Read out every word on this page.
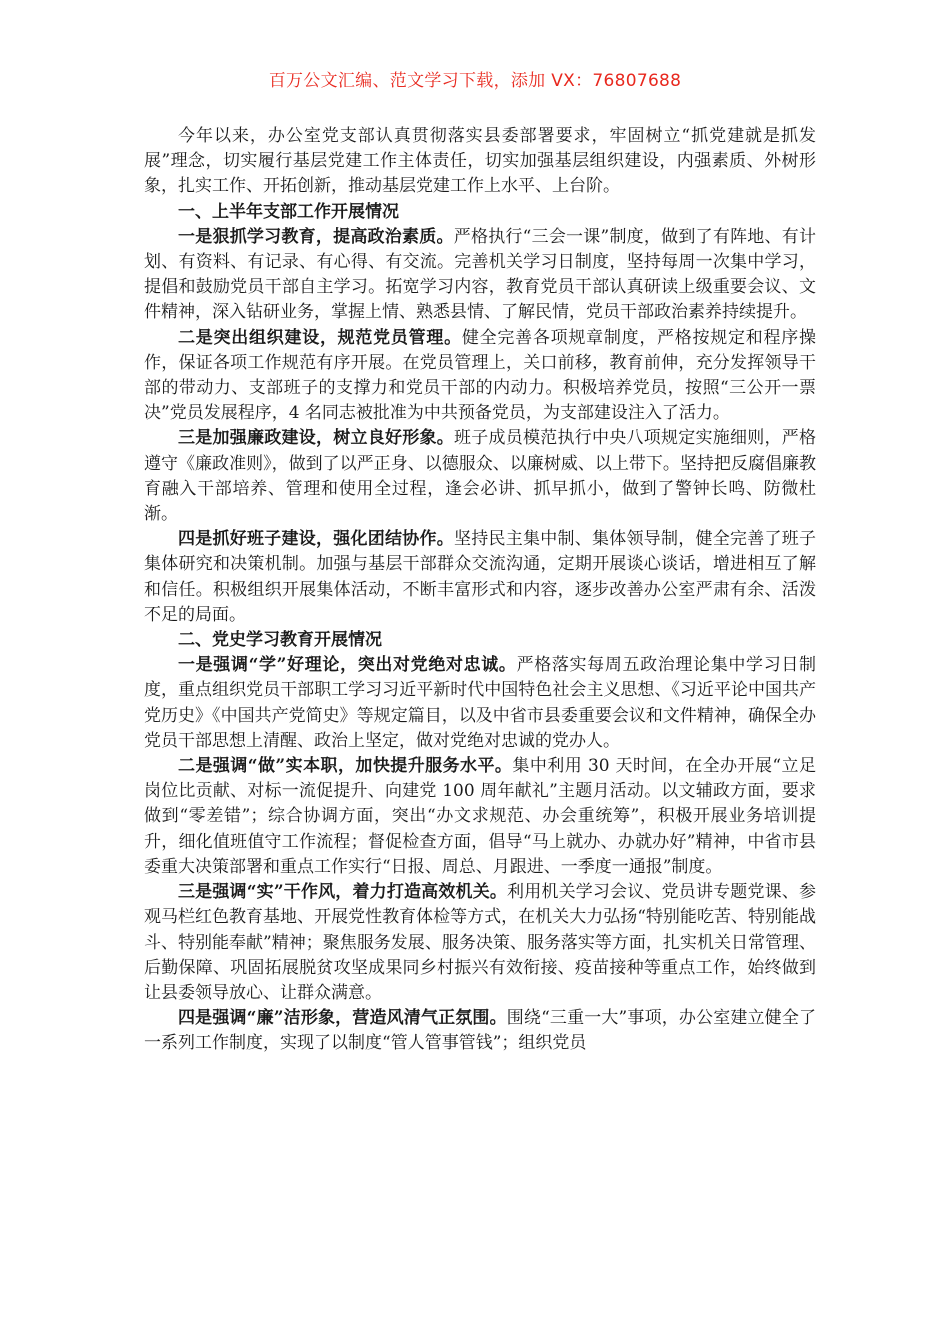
百万公文汇编、范文学习下载，添加 VX：76807688

今年以来，办公室党支部认真贯彻落实县委部署要求，牢固树立“抓党建就是抓发展”理念，切实履行基层党建工作主体责任，切实加强基层组织建设，内强素质、外树形象，扎实工作、开拓创新，推动基层党建工作上水平、上台阶。

一、上半年支部工作开展情况

一是狠抓学习教育，提高政治素质。严格执行“三会一课”制度，做到了有阵地、有计划、有资料、有记录、有心得、有交流。完善机关学习日制度，坚持每周一次集中学习，提倡和鼓励党员干部自主学习。拓宽学习内容，教育党员干部认真研读上级重要会议、文件精神，深入钻研业务，掌握上情、熟悉县情、了解民情，党员干部政治素养持续提升。

二是突出组织建设，规范党员管理。健全完善各项规章制度，严格按规定和程序操作，保证各项工作规范有序开展。在党员管理上，关口前移，教育前伸，充分发挥领导干部的带动力、支部班子的支撑力和党员干部的内动力。积极培养党员，按照“三公开一票决”党员发展程序，4 名同志被批准为中共预备党员，为支部建设注入了活力。

三是加强廉政建设，树立良好形象。班子成员模范执行中央八项规定实施细则，严格遵守《廉政准则》，做到了以严正身、以德服众、以廉树威、以上带下。坚持把反腐倡廉教育融入干部培养、管理和使用全过程，逢会必讲、抓早抓小，做到了警钟长鸣、防微杜渐。

四是抓好班子建设，强化团结协作。坚持民主集中制、集体领导制，健全完善了班子集体研究和决策机制。加强与基层干部群众交流沟通，定期开展谈心谈话，增进相互了解和信任。积极组织开展集体活动，不断丰富形式和内容，逐步改善办公室严肃有余、活泼不足的局面。

二、党史学习教育开展情况

一是强调“学”好理论，突出对党绝对忠诚。严格落实每周五政治理论集中学习日制度，重点组织党员干部职工学习习近平新时代中国特色社会主义思想、《习近平论中国共产党历史》《中国共产党简史》等规定篇目，以及中省市县委重要会议和文件精神，确保全办党员干部思想上清醒、政治上坚定，做对党绝对忠诚的党办人。

二是强调“做”实本职，加快提升服务水平。集中利用 30 天时间，在全办开展“立足岗位比贡献、对标一流促提升、向建党 100 周年献礼”主题月活动。以文辅政方面，要求做到“零差错”；综合协调方面，突出“办文求规范、办会重统筹”，积极开展业务培训提升，细化值班值守工作流程；督促检查方面，倡导“马上就办、办就办好”精神，中省市县委重大决策部署和重点工作实行“日报、周总、月跟进、一季度一通报”制度。

三是强调“实”干作风，着力打造高效机关。利用机关学习会议、党员讲专题党课、参观马栏红色教育基地、开展党性教育体检等方式，在机关大力弘扬“特别能吃苦、特别能战斗、特别能奉献”精神；聚焦服务发展、服务决策、服务落实等方面，扎实机关日常管理、后勤保障、巩固拓展脱贫攻坚成果同乡村振兴有效衔接、疫苗接种等重点工作，始终做到让县委领导放心、让群众满意。

四是强调“廉”洁形象，营造风清气正氛围。围绕“三重一大”事项，办公室建立健全了一系列工作制度，实现了以制度“管人管事管钱”；组织党员
